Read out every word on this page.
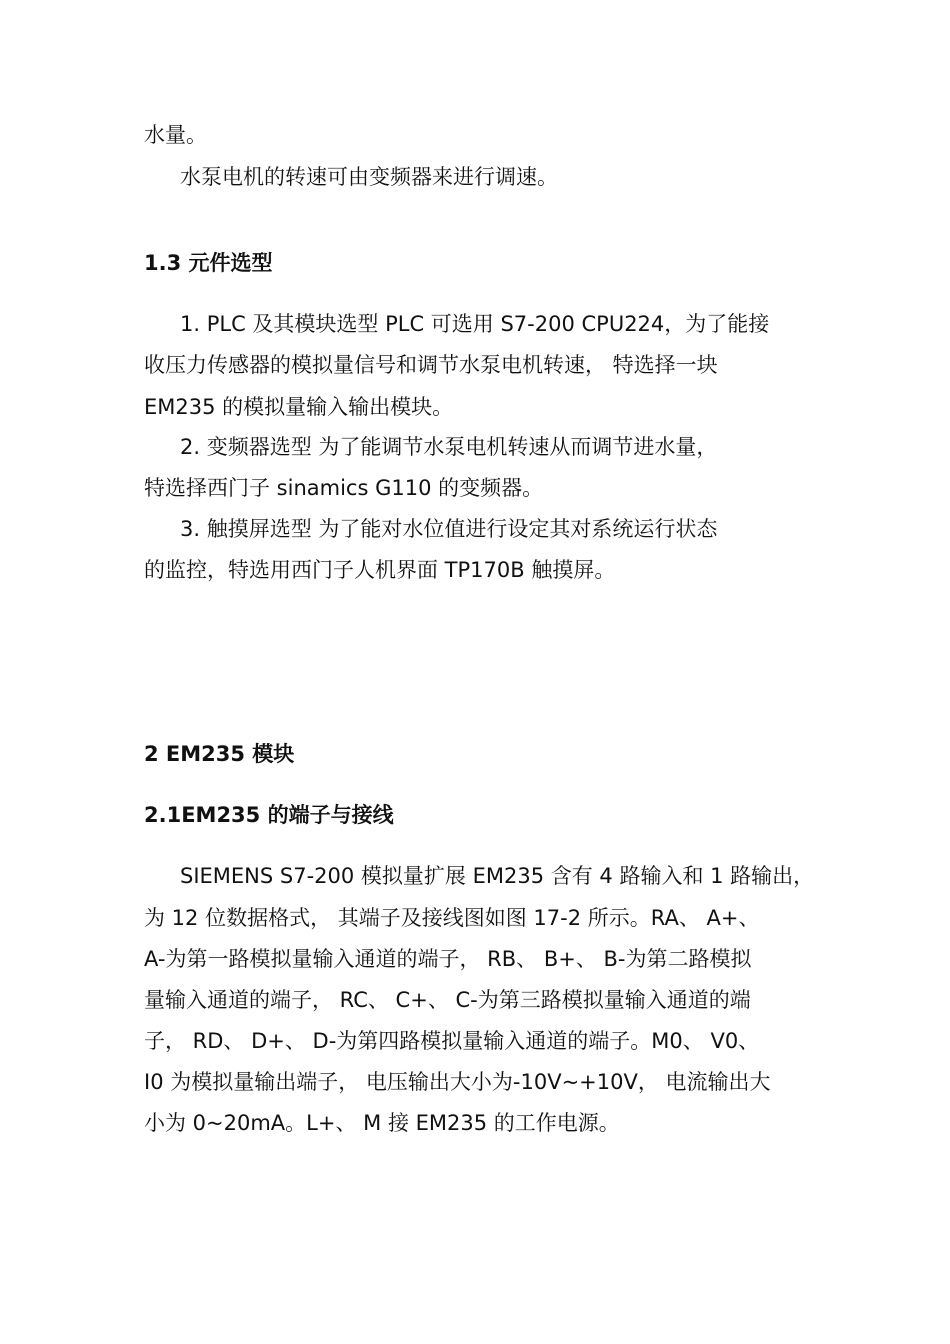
水量。

水泵电机的转速可由变频器来进行调速。

1.3 元件选型

1. PLC 及其模块选型 PLC 可选用 S7-200 CPU224，为了能接

收压力传感器的模拟量信号和调节水泵电机转速， 特选择一块

EM235 的模拟量输入输出模块。

2. 变频器选型 为了能调节水泵电机转速从而调节进水量，

特选择西门子 sinamics G110 的变频器。

3. 触摸屏选型 为了能对水位值进行设定其对系统运行状态

的监控，特选用西门子人机界面 TP170B 触摸屏。

2 EM235 模块

2.1EM235 的端子与接线

SIEMENS S7-200 模拟量扩展 EM235 含有 4 路输入和 1 路输出，

为 12 位数据格式， 其端子及接线图如图 17-2 所示。RA、 A+、

A-为第一路模拟量输入通道的端子， RB、 B+、 B-为第二路模拟

量输入通道的端子， RC、 C+、 C-为第三路模拟量输入通道的端

子， RD、 D+、 D-为第四路模拟量输入通道的端子。M0、 V0、

I0 为模拟量输出端子， 电压输出大小为-10V~+10V， 电流输出大

小为 0~20mA。L+、 M 接 EM235 的工作电源。
